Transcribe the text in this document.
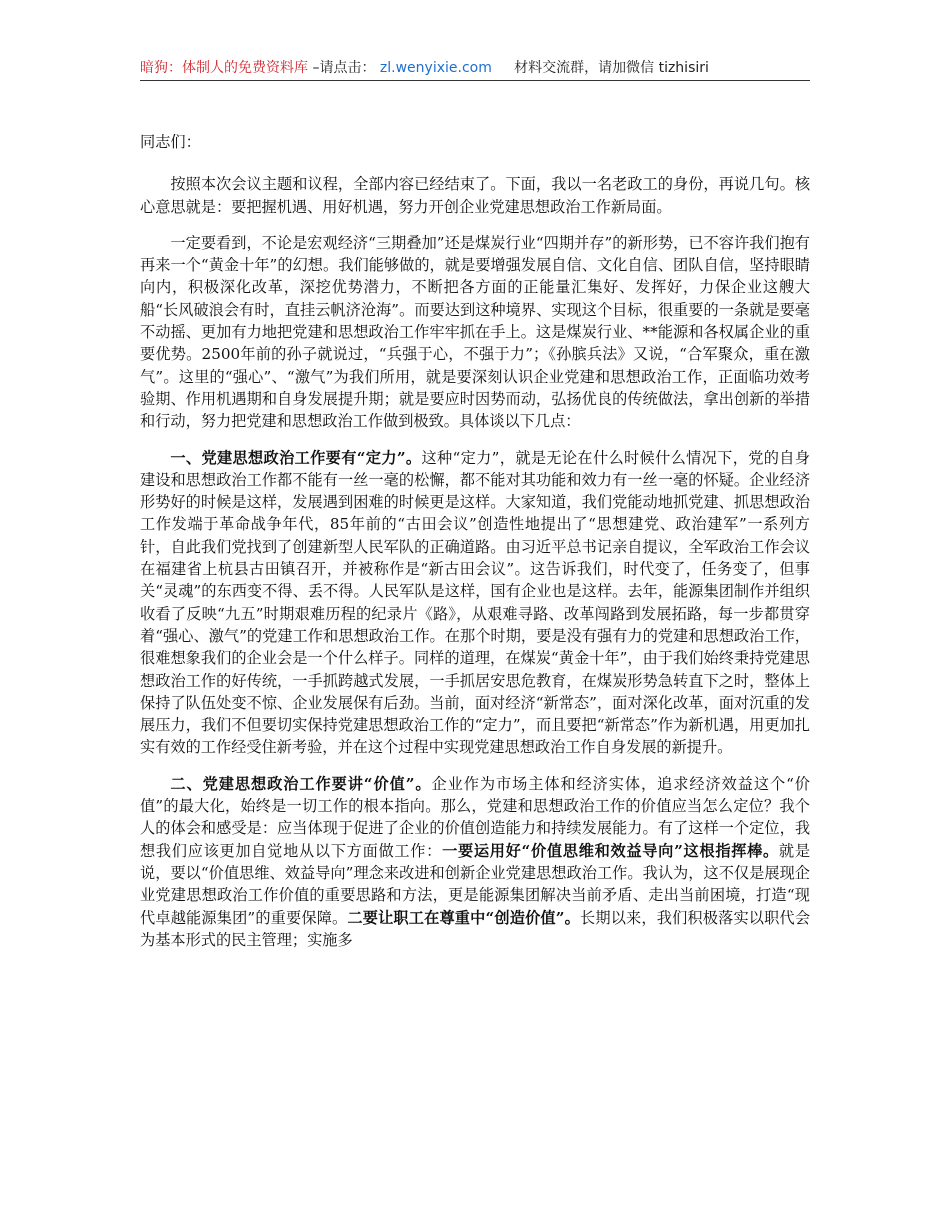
暗狗：体制人的免费资料库 –请点击： zl.wenyixie.com 材料交流群，请加微信 tizhisiri

同志们：

按照本次会议主题和议程，全部内容已经结束了。下面，我以一名老政工的身份，再说几句。核心意思就是：要把握机遇、用好机遇，努力开创企业党建思想政治工作新局面。

一定要看到，不论是宏观经济“三期叠加”还是煤炭行业“四期并存”的新形势，已不容许我们抱有再来一个“黄金十年”的幻想。我们能够做的，就是要增强发展自信、文化自信、团队自信，坚持眼睛向内，积极深化改革，深挖优势潜力，不断把各方面的正能量汇集好、发挥好，力保企业这艘大船“长风破浪会有时，直挂云帆济沧海”。而要达到这种境界、实现这个目标，很重要的一条就是要毫不动摇、更加有力地把党建和思想政治工作牢牢抓在手上。这是煤炭行业、**能源和各权属企业的重要优势。2500年前的孙子就说过，“兵强于心，不强于力”；《孙膑兵法》又说，“合军聚众，重在激气”。这里的“强心”、“激气”为我们所用，就是要深刻认识企业党建和思想政治工作，正面临功效考验期、作用机遇期和自身发展提升期；就是要应时因势而动，弘扬优良的传统做法，拿出创新的举措和行动，努力把党建和思想政治工作做到极致。具体谈以下几点：

一、党建思想政治工作要有“定力”。这种“定力”，就是无论在什么时候什么情况下，党的自身建设和思想政治工作都不能有一丝一毫的松懈，都不能对其功能和效力有一丝一毫的怀疑。企业经济形势好的时候是这样，发展遇到困难的时候更是这样。大家知道，我们党能动地抓党建、抓思想政治工作发端于革命战争年代，85年前的“古田会议”创造性地提出了“思想建党、政治建军”一系列方针，自此我们党找到了创建新型人民军队的正确道路。由习近平总书记亲自提议，全军政治工作会议在福建省上杭县古田镇召开，并被称作是“新古田会议”。这告诉我们，时代变了，任务变了，但事关“灵魂”的东西变不得、丢不得。人民军队是这样，国有企业也是这样。去年，能源集团制作并组织收看了反映“九五”时期艰难历程的纪录片《路》，从艰难寻路、改革闯路到发展拓路，每一步都贯穿着“强心、激气”的党建工作和思想政治工作。在那个时期，要是没有强有力的党建和思想政治工作，很难想象我们的企业会是一个什么样子。同样的道理，在煤炭“黄金十年”，由于我们始终秉持党建思想政治工作的好传统，一手抓跨越式发展，一手抓居安思危教育，在煤炭形势急转直下之时，整体上保持了队伍处变不惊、企业发展保有后劲。当前，面对经济“新常态”，面对深化改革，面对沉重的发展压力，我们不但要切实保持党建思想政治工作的“定力”，而且要把“新常态”作为新机遇，用更加扎实有效的工作经受住新考验，并在这个过程中实现党建思想政治工作自身发展的新提升。

二、党建思想政治工作要讲“价值”。企业作为市场主体和经济实体，追求经济效益这个“价值”的最大化，始终是一切工作的根本指向。那么，党建和思想政治工作的价值应当怎么定位？我个人的体会和感受是：应当体现于促进了企业的价值创造能力和持续发展能力。有了这样一个定位，我想我们应该更加自觉地从以下方面做工作：一要运用好“价值思维和效益导向”这根指挥棒。就是说，要以“价值思维、效益导向”理念来改进和创新企业党建思想政治工作。我认为，这不仅是展现企业党建思想政治工作价值的重要思路和方法，更是能源集团解决当前矛盾、走出当前困境，打造“现代卓越能源集团”的重要保障。二要让职工在尊重中“创造价值”。长期以来，我们积极落实以职代会为基本形式的民主管理；实施多
